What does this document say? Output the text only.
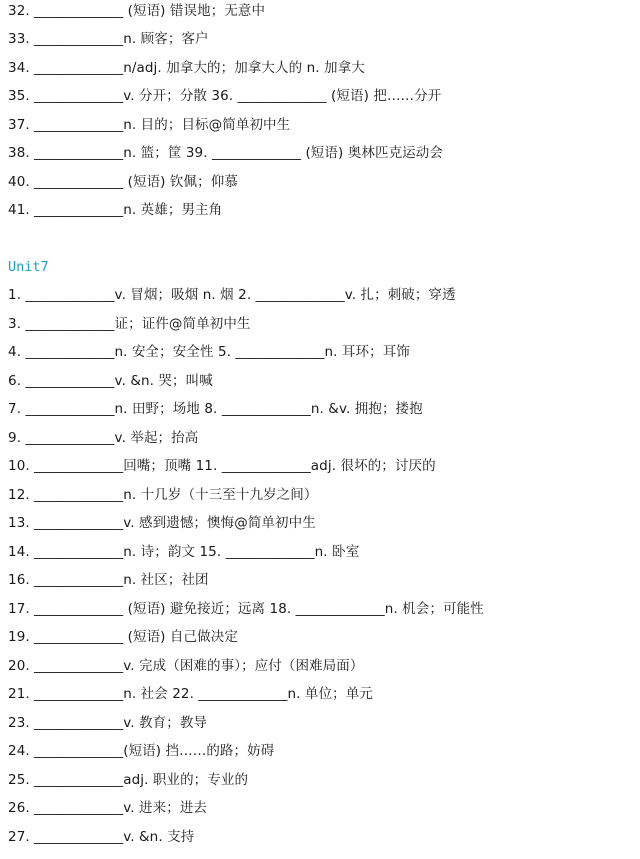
32. _____________ (短语) 错误地；无意中
33. _____________n. 顾客；客户
34. _____________n/adj. 加拿大的；加拿大人的 n. 加拿大
35. _____________v. 分开；分散 36. _____________ (短语) 把……分开
37. _____________n. 目的；目标@简单初中生
38. _____________n. 篮；筐 39. _____________ (短语) 奥林匹克运动会
40. _____________ (短语) 钦佩；仰慕
41. _____________n. 英雄；男主角
Unit7
1. _____________v. 冒烟；吸烟 n. 烟 2. _____________v. 扎；刺破；穿透
3. _____________证；证件@简单初中生
4. _____________n. 安全；安全性 5. _____________n. 耳环；耳饰
6. _____________v. &n. 哭；叫喊
7. _____________n. 田野；场地 8. _____________n. &v. 拥抱；搂抱
9. _____________v. 举起；抬高
10. _____________回嘴；顶嘴 11. _____________adj. 很坏的；讨厌的
12. _____________n. 十几岁（十三至十九岁之间）
13. _____________v. 感到遗憾；懊悔@简单初中生
14. _____________n. 诗；韵文 15. _____________n. 卧室
16. _____________n. 社区；社团
17. _____________ (短语) 避免接近；远离 18. _____________n. 机会；可能性
19. _____________ (短语) 自己做决定
20. _____________v. 完成（困难的事）；应付（困难局面）
21. _____________n. 社会 22. _____________n. 单位；单元
23. _____________v. 教育；教导
24. _____________(短语) 挡……的路；妨碍
25. _____________adj. 职业的；专业的
26. _____________v. 进来；进去
27. _____________v. &n. 支持
